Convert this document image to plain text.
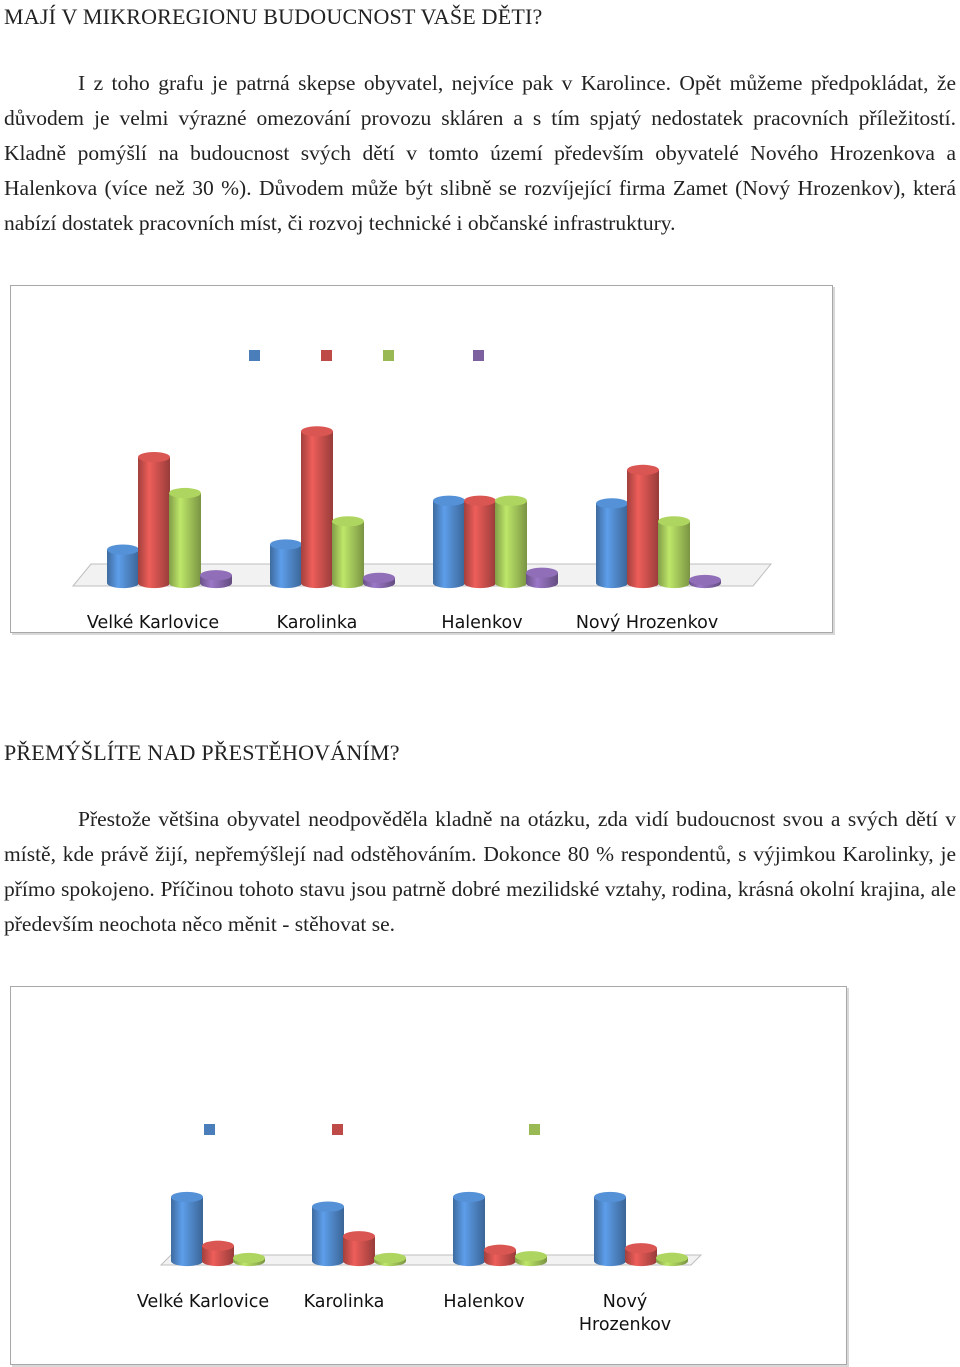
MAJÍ V MIKROREGIONU BUDOUCNOST VAŠE DĚTI?

I z toho grafu je patrná skepse obyvatel, nejvíce pak v Karolince. Opět můžeme předpokládat, že důvodem je velmi výrazné omezování provozu skláren a s tím spjatý nedostatek pracovních příležitostí. Kladně pomýšlí na budoucnost svých dětí v tomto území především obyvatelé Nového Hrozenkova a Halenkova (více než 30 %). Důvodem může být slibně se rozvíjející firma Zamet (Nový Hrozenkov), která nabízí dostatek pracovních míst, či rozvoj technické i občanské infrastruktury.

Velké Karlovice	Karolinka	Halenkov	Nový Hrozenkov
PŘEMÝŠLÍTE NAD PŘESTĚHOVÁNÍM?

Přestože většina obyvatel neodpověděla kladně na otázku, zda vidí budoucnost svou a svých dětí v místě, kde právě žijí, nepřemýšlejí nad odstěhováním. Dokonce 80 % respondentů, s výjimkou Karolinky, je přímo spokojeno. Příčinou tohoto stavu jsou patrně dobré mezilidské vztahy, rodina, krásná okolní krajina, ale především neochota něco měnit - stěhovat se.

Velké Karlovice Karolinka	Halenkov	Nový Hrozenkov
